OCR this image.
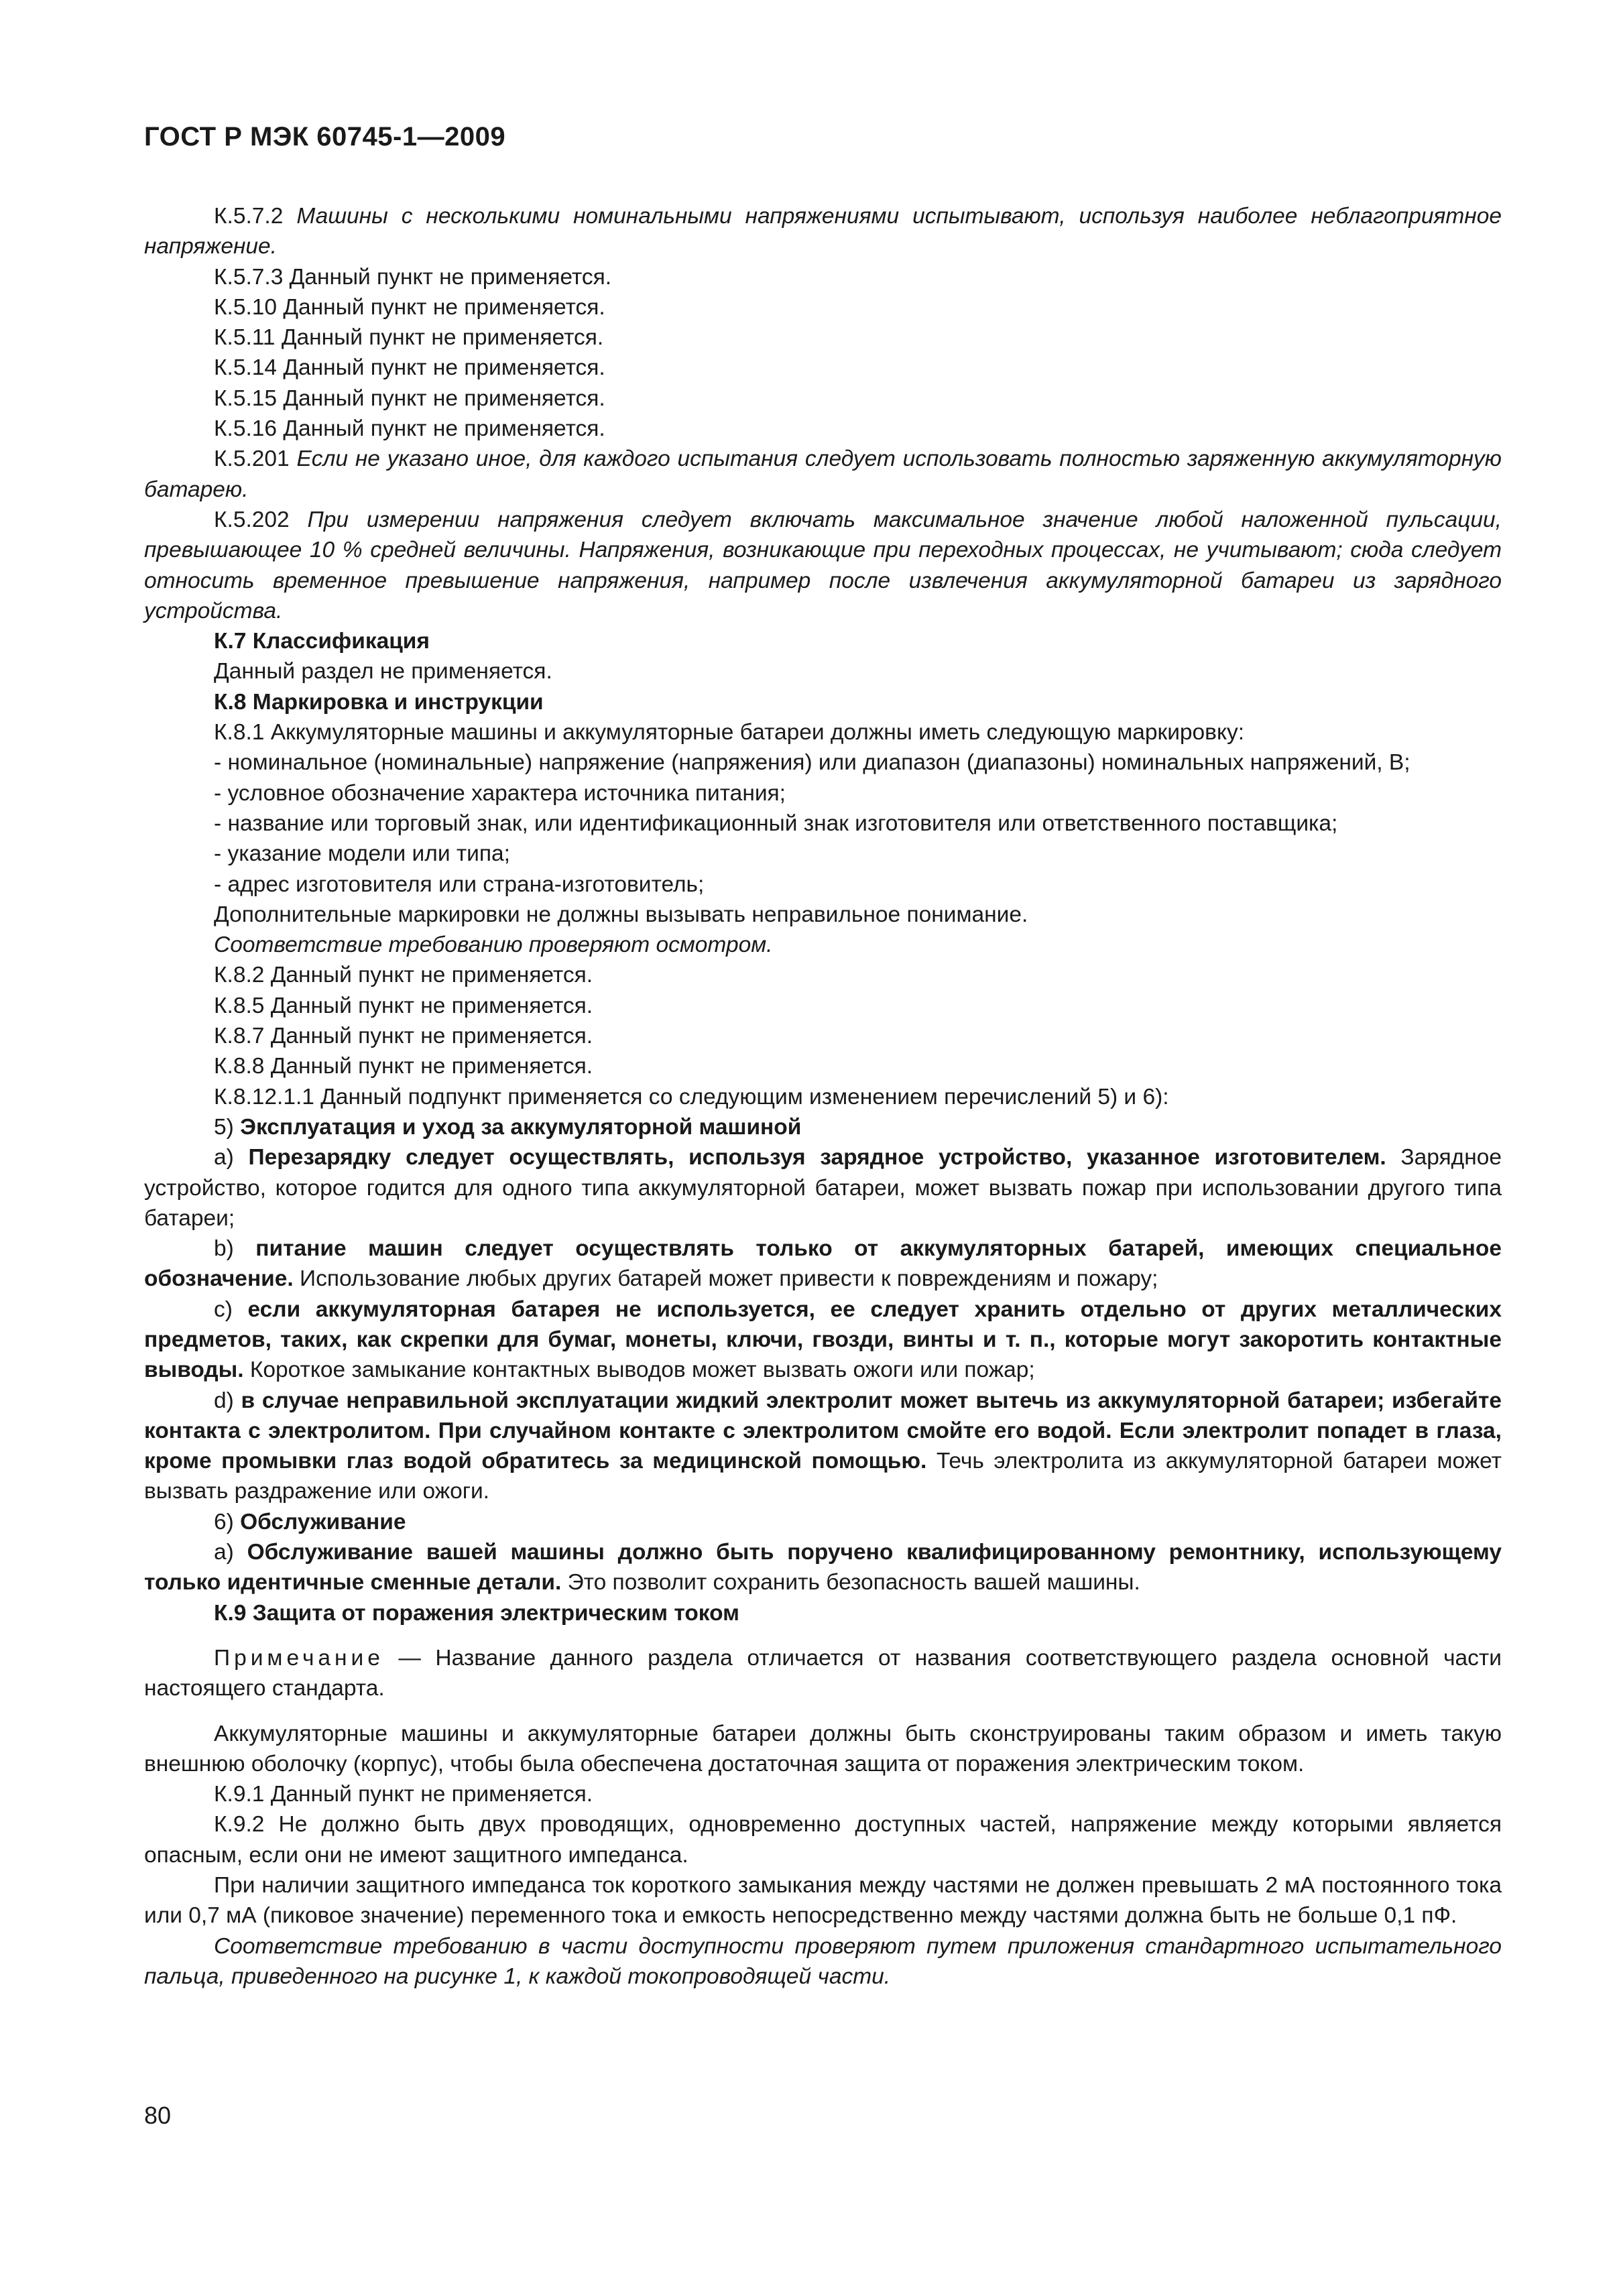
ГОСТ Р МЭК 60745-1—2009

К.5.7.2 Машины с несколькими номинальными напряжениями испытывают, используя наиболее неблагоприятное напряжение.

К.5.7.3 Данный пункт не применяется.

К.5.10 Данный пункт не применяется.

К.5.11 Данный пункт не применяется.

К.5.14 Данный пункт не применяется.

К.5.15 Данный пункт не применяется.

К.5.16 Данный пункт не применяется.

К.5.201 Если не указано иное, для каждого испытания следует использовать полностью заряженную аккумуляторную батарею.

К.5.202 При измерении напряжения следует включать максимальное значение любой наложенной пульсации, превышающее 10 % средней величины. Напряжения, возникающие при переходных процессах, не учитывают; сюда следует относить временное превышение напряжения, например после извлечения аккумуляторной батареи из зарядного устройства.

К.7 Классификация

Данный раздел не применяется.

К.8 Маркировка и инструкции

К.8.1 Аккумуляторные машины и аккумуляторные батареи должны иметь следующую маркировку:

- номинальное (номинальные) напряжение (напряжения) или диапазон (диапазоны) номинальных напряжений, В;

- условное обозначение характера источника питания;

- название или торговый знак, или идентификационный знак изготовителя или ответственного поставщика;

- указание модели или типа;

- адрес изготовителя или страна-изготовитель;

Дополнительные маркировки не должны вызывать неправильное понимание.

Соответствие требованию проверяют осмотром.

К.8.2 Данный пункт не применяется.

К.8.5 Данный пункт не применяется.

К.8.7 Данный пункт не применяется.

К.8.8 Данный пункт не применяется.

К.8.12.1.1 Данный подпункт применяется со следующим изменением перечислений 5) и 6):

5) Эксплуатация и уход за аккумуляторной машиной

a) Перезарядку следует осуществлять, используя зарядное устройство, указанное изготовителем. Зарядное устройство, которое годится для одного типа аккумуляторной батареи, может вызвать пожар при использовании другого типа батареи;

b) питание машин следует осуществлять только от аккумуляторных батарей, имеющих специальное обозначение. Использование любых других батарей может привести к повреждениям и пожару;

c) если аккумуляторная батарея не используется, ее следует хранить отдельно от других металлических предметов, таких, как скрепки для бумаг, монеты, ключи, гвозди, винты и т. п., которые могут закоротить контактные выводы. Короткое замыкание контактных выводов может вызвать ожоги или пожар;

d) в случае неправильной эксплуатации жидкий электролит может вытечь из аккумуляторной батареи; избегайте контакта с электролитом. При случайном контакте с электролитом смойте его водой. Если электролит попадет в глаза, кроме промывки глаз водой обратитесь за медицинской помощью. Течь электролита из аккумуляторной батареи может вызвать раздражение или ожоги.

6) Обслуживание

a) Обслуживание вашей машины должно быть поручено квалифицированному ремонтнику, использующему только идентичные сменные детали. Это позволит сохранить безопасность вашей машины.

К.9 Защита от поражения электрическим током

Примечание — Название данного раздела отличается от названия соответствующего раздела основной части настоящего стандарта.

Аккумуляторные машины и аккумуляторные батареи должны быть сконструированы таким образом и иметь такую внешнюю оболочку (корпус), чтобы была обеспечена достаточная защита от поражения электрическим током.

К.9.1 Данный пункт не применяется.

К.9.2 Не должно быть двух проводящих, одновременно доступных частей, напряжение между которыми является опасным, если они не имеют защитного импеданса.

При наличии защитного импеданса ток короткого замыкания между частями не должен превышать 2 мА постоянного тока или 0,7 мА (пиковое значение) переменного тока и емкость непосредственно между частями должна быть не больше 0,1 пФ.

Соответствие требованию в части доступности проверяют путем приложения стандартного испытательного пальца, приведенного на рисунке 1, к каждой токопроводящей части.

80
